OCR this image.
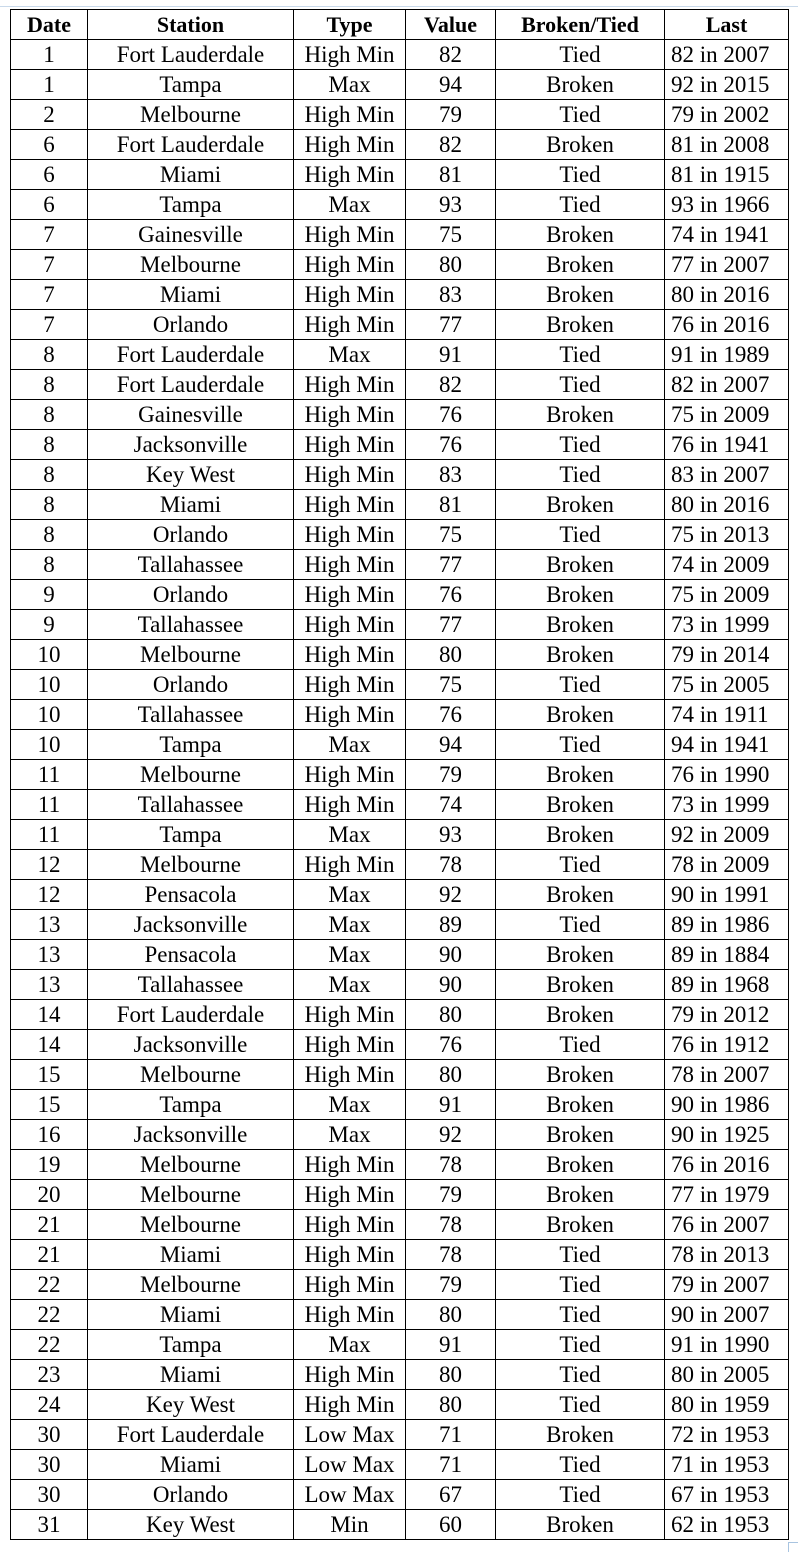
Date	Station	Type	Value	Broken/Tied	Last
1	Fort Lauderdale	High Min	82	Tied	82 in 2007
1	Tampa	Max	94	Broken	92 in 2015
2	Melbourne	High Min	79	Tied	79 in 2002
6	Fort Lauderdale	High Min	82	Broken	81 in 2008
6	Miami	High Min	81	Tied	81 in 1915
6	Tampa	Max	93	Tied	93 in 1966
7	Gainesville	High Min	75	Broken	74 in 1941
7	Melbourne	High Min	80	Broken	77 in 2007
7	Miami	High Min	83	Broken	80 in 2016
7	Orlando	High Min	77	Broken	76 in 2016
8	Fort Lauderdale	Max	91	Tied	91 in 1989
8	Fort Lauderdale	High Min	82	Tied	82 in 2007
8	Gainesville	High Min	76	Broken	75 in 2009
8	Jacksonville	High Min	76	Tied	76 in 1941
8	Key West	High Min	83	Tied	83 in 2007
8	Miami	High Min	81	Broken	80 in 2016
8	Orlando	High Min	75	Tied	75 in 2013
8	Tallahassee	High Min	77	Broken	74 in 2009
9	Orlando	High Min	76	Broken	75 in 2009
9	Tallahassee	High Min	77	Broken	73 in 1999
10	Melbourne	High Min	80	Broken	79 in 2014
10	Orlando	High Min	75	Tied	75 in 2005
10	Tallahassee	High Min	76	Broken	74 in 1911
10	Tampa	Max	94	Tied	94 in 1941
11	Melbourne	High Min	79	Broken	76 in 1990
11	Tallahassee	High Min	74	Broken	73 in 1999
11	Tampa	Max	93	Broken	92 in 2009
12	Melbourne	High Min	78	Tied	78 in 2009
12	Pensacola	Max	92	Broken	90 in 1991
13	Jacksonville	Max	89	Tied	89 in 1986
13	Pensacola	Max	90	Broken	89 in 1884
13	Tallahassee	Max	90	Broken	89 in 1968
14	Fort Lauderdale	High Min	80	Broken	79 in 2012
14	Jacksonville	High Min	76	Tied	76 in 1912
15	Melbourne	High Min	80	Broken	78 in 2007
15	Tampa	Max	91	Broken	90 in 1986
16	Jacksonville	Max	92	Broken	90 in 1925
19	Melbourne	High Min	78	Broken	76 in 2016
20	Melbourne	High Min	79	Broken	77 in 1979
21	Melbourne	High Min	78	Broken	76 in 2007
21	Miami	High Min	78	Tied	78 in 2013
22	Melbourne	High Min	79	Tied	79 in 2007
22	Miami	High Min	80	Tied	90 in 2007
22	Tampa	Max	91	Tied	91 in 1990
23	Miami	High Min	80	Tied	80 in 2005
24	Key West	High Min	80	Tied	80 in 1959
30	Fort Lauderdale	Low Max	71	Broken	72 in 1953
30	Miami	Low Max	71	Tied	71 in 1953
30	Orlando	Low Max	67	Tied	67 in 1953
31	Key West	Min	60	Broken	62 in 1953
